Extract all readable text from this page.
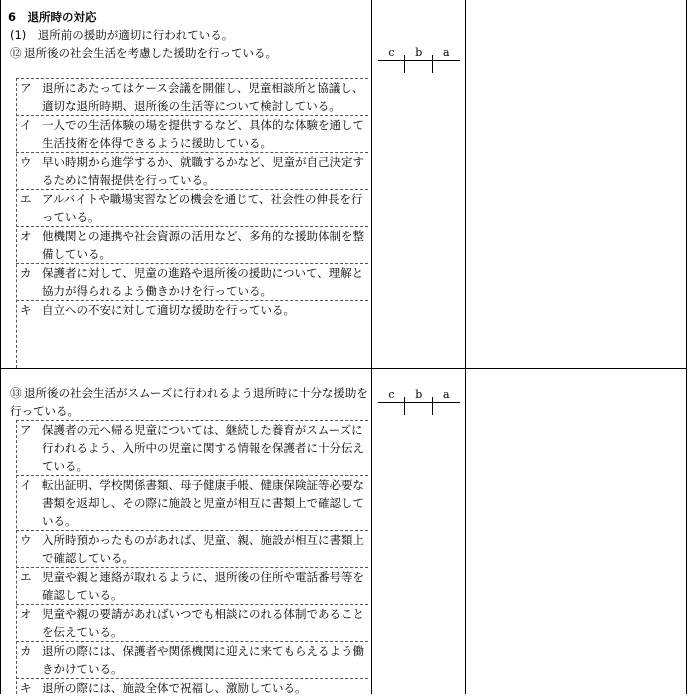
6　退所時の対応
(1)　退所前の援助が適切に行われている。
⑫ 退所後の社会生活を考慮した援助を行っている。	c b a
ア 退所にあたってはケース会議を開催し、児童相談所と協議し、適切な退所時期、退所後の生活等について検討している。
イ 一人での生活体験の場を提供するなど、具体的な体験を通して生活技術を体得できるように援助している。
ウ 早い時期から進学するか、就職するかなど、児童が自己決定するために情報提供を行っている。
エ アルバイトや職場実習などの機会を通じて、社会性の伸長を行っている。
オ 他機関との連携や社会資源の活用など、多角的な援助体制を整備している。
カ 保護者に対して、児童の進路や退所後の援助について、理解と協力が得られるよう働きかけを行っている。
キ 自立への不安に対して適切な援助を行っている。
⑬ 退所後の社会生活がスムーズに行われるよう退所時に十分な援助を行っている。
c b a
ア 保護者の元へ帰る児童については、継続した養育がスムーズに行われるよう、入所中の児童に関する情報を保護者に十分伝えている。
イ 転出証明、学校関係書類、母子健康手帳、健康保険証等必要な書類を返却し、その際に施設と児童が相互に書類上で確認している。
ウ 入所時預かったものがあれば、児童、親、施設が相互に書類上で確認している。
エ 児童や親と連絡が取れるように、退所後の住所や電話番号等を確認している。
オ 児童や親の要請があればいつでも相談にのれる体制であることを伝えている。
カ 退所の際には、保護者や関係機関に迎えに来てもらえるよう働きかけている。
キ 退所の際には、施設全体で祝福し、激励している。
